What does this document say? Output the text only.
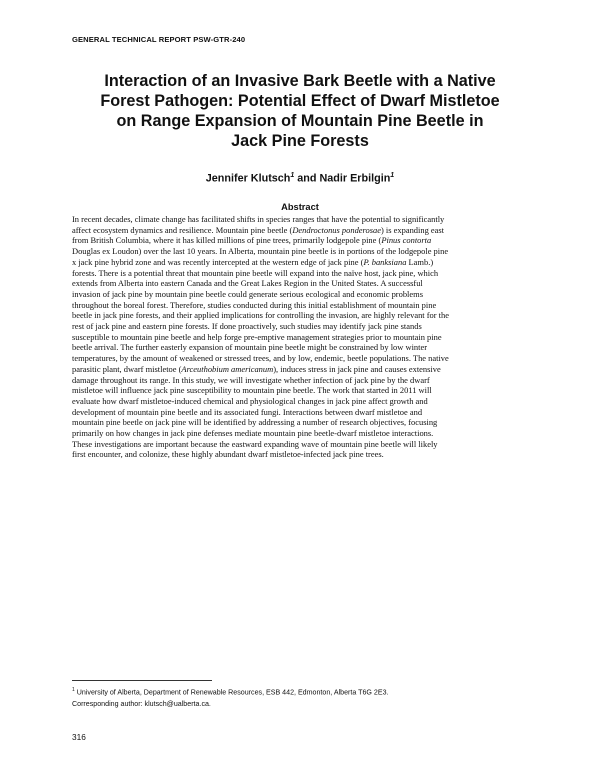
GENERAL TECHNICAL REPORT PSW-GTR-240
Interaction of an Invasive Bark Beetle with a Native
Forest Pathogen: Potential Effect of Dwarf Mistletoe
on Range Expansion of Mountain Pine Beetle in
Jack Pine Forests
Jennifer Klutsch$^1$ and Nadir Erbilgin$^1$
Abstract
In recent decades, climate change has facilitated shifts in species ranges that have the potential to significantly
affect ecosystem dynamics and resilience. Mountain pine beetle (Dendroctonus ponderosae) is expanding east
from British Columbia, where it has killed millions of pine trees, primarily lodgepole pine (Pinus contorta
Douglas ex Loudon) over the last 10 years. In Alberta, mountain pine beetle is in portions of the lodgepole pine
x jack pine hybrid zone and was recently intercepted at the western edge of jack pine (P. banksiana Lamb.)
forests. There is a potential threat that mountain pine beetle will expand into the naïve host, jack pine, which
extends from Alberta into eastern Canada and the Great Lakes Region in the United States. A successful
invasion of jack pine by mountain pine beetle could generate serious ecological and economic problems
throughout the boreal forest. Therefore, studies conducted during this initial establishment of mountain pine
beetle in jack pine forests, and their applied implications for controlling the invasion, are highly relevant for the
rest of jack pine and eastern pine forests. If done proactively, such studies may identify jack pine stands
susceptible to mountain pine beetle and help forge pre-emptive management strategies prior to mountain pine
beetle arrival. The further easterly expansion of mountain pine beetle might be constrained by low winter
temperatures, by the amount of weakened or stressed trees, and by low, endemic, beetle populations. The native
parasitic plant, dwarf mistletoe (Arceuthobium americanum), induces stress in jack pine and causes extensive
damage throughout its range. In this study, we will investigate whether infection of jack pine by the dwarf
mistletoe will influence jack pine susceptibility to mountain pine beetle. The work that started in 2011 will
evaluate how dwarf mistletoe-induced chemical and physiological changes in jack pine affect growth and
development of mountain pine beetle and its associated fungi. Interactions between dwarf mistletoe and
mountain pine beetle on jack pine will be identified by addressing a number of research objectives, focusing
primarily on how changes in jack pine defenses mediate mountain pine beetle-dwarf mistletoe interactions.
These investigations are important because the eastward expanding wave of mountain pine beetle will likely
first encounter, and colonize, these highly abundant dwarf mistletoe-infected jack pine trees.
$^1$ University of Alberta, Department of Renewable Resources, ESB 442, Edmonton, Alberta T6G 2E3.
Corresponding author: klutsch@ualberta.ca.
316
